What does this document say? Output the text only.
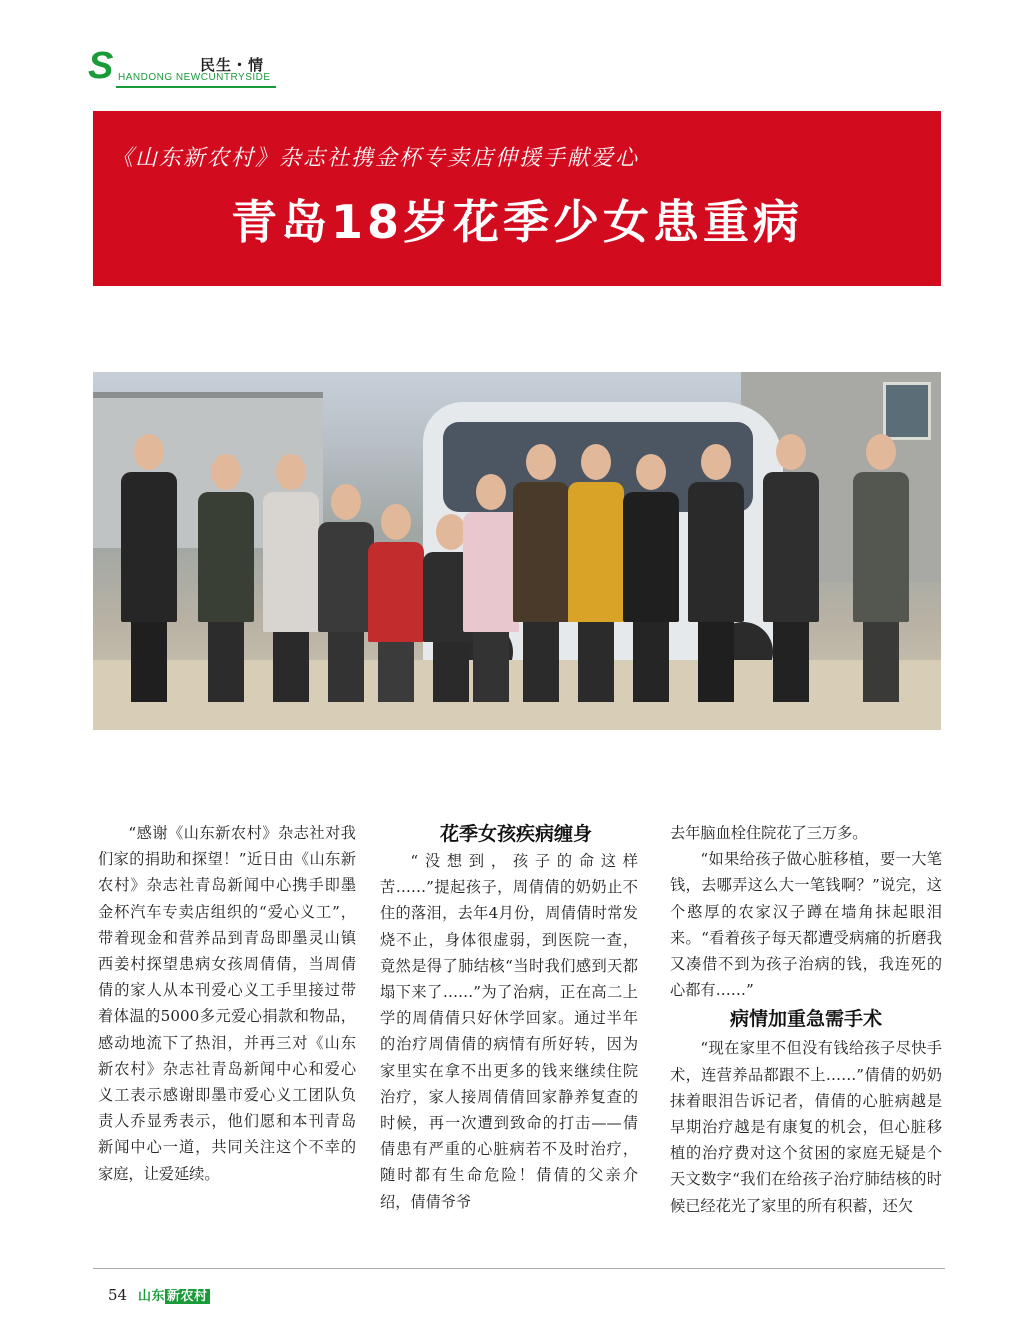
S	民生・情
HANDONG NEWCUNTRYSIDE
《山东新农村》杂志社携金杯专卖店伸援手献爱心
青岛18岁花季少女患重病

“感谢《山东新农村》杂志社对我们家的捐助和探望！”近日由《山东新农村》杂志社青岛新闻中心携手即墨金杯汽车专卖店组织的“爱心义工”，带着现金和营养品到青岛即墨灵山镇西姜村探望患病女孩周倩倩，当周倩倩的家人从本刊爱心义工手里接过带着体温的5000多元爱心捐款和物品，感动地流下了热泪，并再三对《山东新农村》杂志社青岛新闻中心和爱心义工表示感谢即墨市爱心义工团队负责人乔显秀表示，他们愿和本刊青岛新闻中心一道，共同关注这个不幸的家庭，让爱延续。

花季女孩疾病缠身

“没想到，孩子的命这样苦……”提起孩子，周倩倩的奶奶止不住的落泪，去年4月份，周倩倩时常发烧不止，身体很虚弱，到医院一查，竟然是得了肺结核“当时我们感到天都塌下来了……”为了治病，正在高二上学的周倩倩只好休学回家。通过半年的治疗周倩倩的病情有所好转，因为家里实在拿不出更多的钱来继续住院治疗，家人接周倩倩回家静养复查的时候，再一次遭到致命的打击——倩倩患有严重的心脏病若不及时治疗，随时都有生命危险！倩倩的父亲介绍，倩倩爷爷

去年脑血栓住院花了三万多。

“如果给孩子做心脏移植，要一大笔钱，去哪弄这么大一笔钱啊？”说完，这个憨厚的农家汉子蹲在墙角抹起眼泪来。“看着孩子每天都遭受病痛的折磨我又凑借不到为孩子治病的钱，我连死的心都有……”

病情加重急需手术

“现在家里不但没有钱给孩子尽快手术，连营养品都跟不上……”倩倩的奶奶抹着眼泪告诉记者，倩倩的心脏病越是早期治疗越是有康复的机会，但心脏移植的治疗费对这个贫困的家庭无疑是个天文数字“我们在给孩子治疗肺结核的时候已经花光了家里的所有积蓄，还欠

54 山东 新农村
